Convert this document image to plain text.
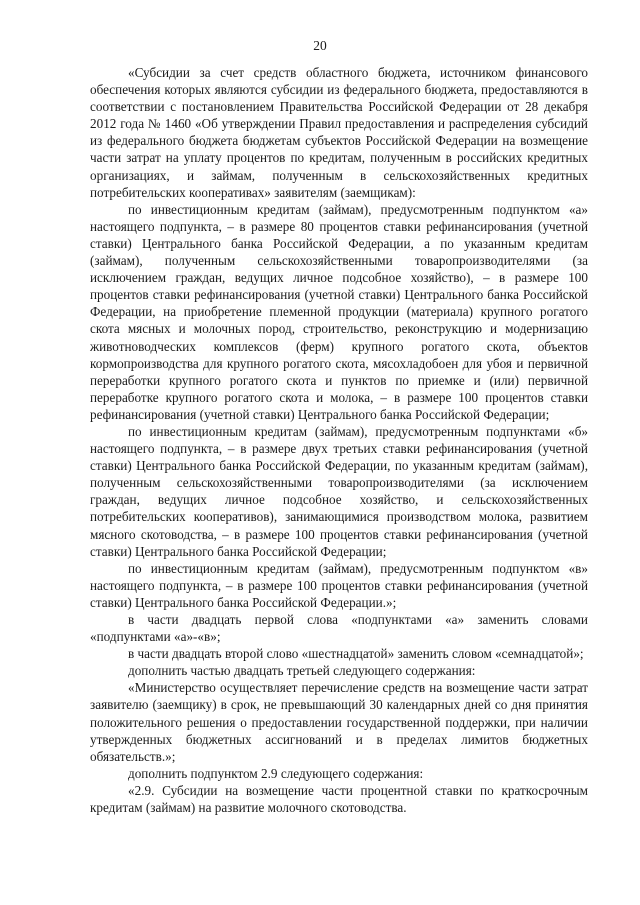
20

«Субсидии за счет средств областного бюджета, источником финансового обеспечения которых являются субсидии из федерального бюджета, предоставляются в соответствии с постановлением Правительства Российской Федерации от 28 декабря 2012 года № 1460 «Об утверждении Правил предоставления и распределения субсидий из федерального бюджета бюджетам субъектов Российской Федерации на возмещение части затрат на уплату процентов по кредитам, полученным в российских кредитных организациях, и займам, полученным в сельскохозяйственных кредитных потребительских кооперативах» заявителям (заемщикам):

по инвестиционным кредитам (займам), предусмотренным подпунктом «а» настоящего подпункта, – в размере 80 процентов ставки рефинансирования (учетной ставки) Центрального банка Российской Федерации, а по указанным кредитам (займам), полученным сельскохозяйственными товаропроизводителями (за исключением граждан, ведущих личное подсобное хозяйство), – в размере 100 процентов ставки рефинансирования (учетной ставки) Центрального банка Российской Федерации, на приобретение племенной продукции (материала) крупного рогатого скота мясных и молочных пород, строительство, реконструкцию и модернизацию животноводческих комплексов (ферм) крупного рогатого скота, объектов кормопроизводства для крупного рогатого скота, мясохладобоен для убоя и первичной переработки крупного рогатого скота и пунктов по приемке и (или) первичной переработке крупного рогатого скота и молока, – в размере 100 процентов ставки рефинансирования (учетной ставки) Центрального банка Российской Федерации;

по инвестиционным кредитам (займам), предусмотренным подпунктами «б» настоящего подпункта, – в размере двух третьих ставки рефинансирования (учетной ставки) Центрального банка Российской Федерации, по указанным кредитам (займам), полученным сельскохозяйственными товаропроизводителями (за исключением граждан, ведущих личное подсобное хозяйство, и сельскохозяйственных потребительских кооперативов), занимающимися производством молока, развитием мясного скотоводства, – в размере 100 процентов ставки рефинансирования (учетной ставки) Центрального банка Российской Федерации;

по инвестиционным кредитам (займам), предусмотренным подпунктом «в» настоящего подпункта, – в размере 100 процентов ставки рефинансирования (учетной ставки) Центрального банка Российской Федерации.»;

в части двадцать первой слова «подпунктами «а» заменить словами «подпунктами «а»-«в»;

в части двадцать второй слово «шестнадцатой» заменить словом «семнадцатой»;

дополнить частью двадцать третьей следующего содержания:

«Министерство осуществляет перечисление средств на возмещение части затрат заявителю (заемщику) в срок, не превышающий 30 календарных дней со дня принятия положительного решения о предоставлении государственной поддержки, при наличии утвержденных бюджетных ассигнований и в пределах лимитов бюджетных обязательств.»;

дополнить подпунктом 2.9 следующего содержания:

«2.9. Субсидии на возмещение части процентной ставки по краткосрочным кредитам (займам) на развитие молочного скотоводства.
